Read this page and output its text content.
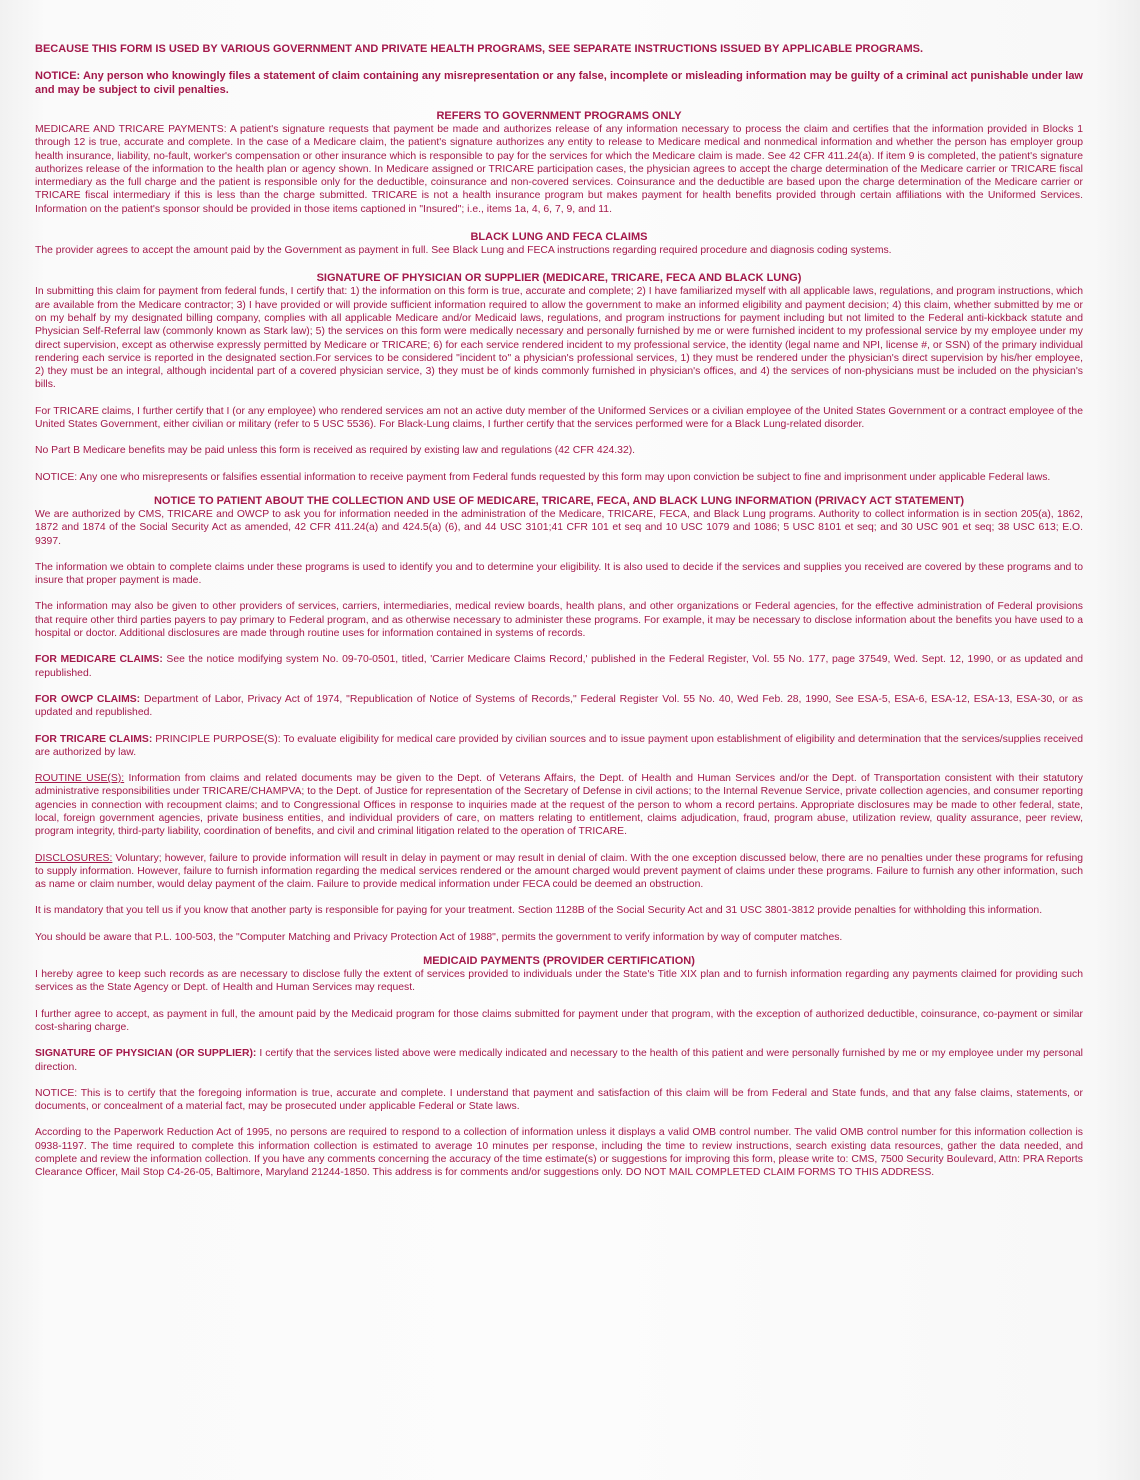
BECAUSE THIS FORM IS USED BY VARIOUS GOVERNMENT AND PRIVATE HEALTH PROGRAMS, SEE SEPARATE INSTRUCTIONS ISSUED BY APPLICABLE PROGRAMS.

NOTICE: Any person who knowingly files a statement of claim containing any misrepresentation or any false, incomplete or misleading information may be guilty of a criminal act punishable under law and may be subject to civil penalties.

REFERS TO GOVERNMENT PROGRAMS ONLY

MEDICARE AND TRICARE PAYMENTS: A patient's signature requests that payment be made and authorizes release of any information necessary to process the claim and certifies that the information provided in Blocks 1 through 12 is true, accurate and complete. In the case of a Medicare claim, the patient's signature authorizes any entity to release to Medicare medical and nonmedical information and whether the person has employer group health insurance, liability, no-fault, worker's compensation or other insurance which is responsible to pay for the services for which the Medicare claim is made. See 42 CFR 411.24(a). If item 9 is completed, the patient's signature authorizes release of the information to the health plan or agency shown. In Medicare assigned or TRICARE participation cases, the physician agrees to accept the charge determination of the Medicare carrier or TRICARE fiscal intermediary as the full charge and the patient is responsible only for the deductible, coinsurance and non-covered services. Coinsurance and the deductible are based upon the charge determination of the Medicare carrier or TRICARE fiscal intermediary if this is less than the charge submitted. TRICARE is not a health insurance program but makes payment for health benefits provided through certain affiliations with the Uniformed Services. Information on the patient's sponsor should be provided in those items captioned in "Insured"; i.e., items 1a, 4, 6, 7, 9, and 11.

BLACK LUNG AND FECA CLAIMS

The provider agrees to accept the amount paid by the Government as payment in full. See Black Lung and FECA instructions regarding required procedure and diagnosis coding systems.

SIGNATURE OF PHYSICIAN OR SUPPLIER (MEDICARE, TRICARE, FECA AND BLACK LUNG)

In submitting this claim for payment from federal funds, I certify that: 1) the information on this form is true, accurate and complete; 2) I have familiarized myself with all applicable laws, regulations, and program instructions, which are available from the Medicare contractor; 3) I have provided or will provide sufficient information required to allow the government to make an informed eligibility and payment decision; 4) this claim, whether submitted by me or on my behalf by my designated billing company, complies with all applicable Medicare and/or Medicaid laws, regulations, and program instructions for payment including but not limited to the Federal anti-kickback statute and Physician Self-Referral law (commonly known as Stark law); 5) the services on this form were medically necessary and personally furnished by me or were furnished incident to my professional service by my employee under my direct supervision, except as otherwise expressly permitted by Medicare or TRICARE; 6) for each service rendered incident to my professional service, the identity (legal name and NPI, license #, or SSN) of the primary individual rendering each service is reported in the designated section.For services to be considered "incident to" a physician's professional services, 1) they must be rendered under the physician's direct supervision by his/her employee, 2) they must be an integral, although incidental part of a covered physician service, 3) they must be of kinds commonly furnished in physician's offices, and 4) the services of non-physicians must be included on the physician's bills.

For TRICARE claims, I further certify that I (or any employee) who rendered services am not an active duty member of the Uniformed Services or a civilian employee of the United States Government or a contract employee of the United States Government, either civilian or military (refer to 5 USC 5536). For Black-Lung claims, I further certify that the services performed were for a Black Lung-related disorder.

No Part B Medicare benefits may be paid unless this form is received as required by existing law and regulations (42 CFR 424.32).

NOTICE: Any one who misrepresents or falsifies essential information to receive payment from Federal funds requested by this form may upon conviction be subject to fine and imprisonment under applicable Federal laws.

NOTICE TO PATIENT ABOUT THE COLLECTION AND USE OF MEDICARE, TRICARE, FECA, AND BLACK LUNG INFORMATION (PRIVACY ACT STATEMENT)

We are authorized by CMS, TRICARE and OWCP to ask you for information needed in the administration of the Medicare, TRICARE, FECA, and Black Lung programs. Authority to collect information is in section 205(a), 1862, 1872 and 1874 of the Social Security Act as amended, 42 CFR 411.24(a) and 424.5(a) (6), and 44 USC 3101;41 CFR 101 et seq and 10 USC 1079 and 1086; 5 USC 8101 et seq; and 30 USC 901 et seq; 38 USC 613; E.O. 9397.

The information we obtain to complete claims under these programs is used to identify you and to determine your eligibility. It is also used to decide if the services and supplies you received are covered by these programs and to insure that proper payment is made.

The information may also be given to other providers of services, carriers, intermediaries, medical review boards, health plans, and other organizations or Federal agencies, for the effective administration of Federal provisions that require other third parties payers to pay primary to Federal program, and as otherwise necessary to administer these programs. For example, it may be necessary to disclose information about the benefits you have used to a hospital or doctor. Additional disclosures are made through routine uses for information contained in systems of records.

FOR MEDICARE CLAIMS: See the notice modifying system No. 09-70-0501, titled, 'Carrier Medicare Claims Record,' published in the Federal Register, Vol. 55 No. 177, page 37549, Wed. Sept. 12, 1990, or as updated and republished.

FOR OWCP CLAIMS: Department of Labor, Privacy Act of 1974, "Republication of Notice of Systems of Records," Federal Register Vol. 55 No. 40, Wed Feb. 28, 1990, See ESA-5, ESA-6, ESA-12, ESA-13, ESA-30, or as updated and republished.

FOR TRICARE CLAIMS: PRINCIPLE PURPOSE(S): To evaluate eligibility for medical care provided by civilian sources and to issue payment upon establishment of eligibility and determination that the services/supplies received are authorized by law.

ROUTINE USE(S): Information from claims and related documents may be given to the Dept. of Veterans Affairs, the Dept. of Health and Human Services and/or the Dept. of Transportation consistent with their statutory administrative responsibilities under TRICARE/CHAMPVA; to the Dept. of Justice for representation of the Secretary of Defense in civil actions; to the Internal Revenue Service, private collection agencies, and consumer reporting agencies in connection with recoupment claims; and to Congressional Offices in response to inquiries made at the request of the person to whom a record pertains. Appropriate disclosures may be made to other federal, state, local, foreign government agencies, private business entities, and individual providers of care, on matters relating to entitlement, claims adjudication, fraud, program abuse, utilization review, quality assurance, peer review, program integrity, third-party liability, coordination of benefits, and civil and criminal litigation related to the operation of TRICARE.

DISCLOSURES: Voluntary; however, failure to provide information will result in delay in payment or may result in denial of claim. With the one exception discussed below, there are no penalties under these programs for refusing to supply information. However, failure to furnish information regarding the medical services rendered or the amount charged would prevent payment of claims under these programs. Failure to furnish any other information, such as name or claim number, would delay payment of the claim. Failure to provide medical information under FECA could be deemed an obstruction.

It is mandatory that you tell us if you know that another party is responsible for paying for your treatment. Section 1128B of the Social Security Act and 31 USC 3801-3812 provide penalties for withholding this information.

You should be aware that P.L. 100-503, the "Computer Matching and Privacy Protection Act of 1988", permits the government to verify information by way of computer matches.

MEDICAID PAYMENTS (PROVIDER CERTIFICATION)

I hereby agree to keep such records as are necessary to disclose fully the extent of services provided to individuals under the State's Title XIX plan and to furnish information regarding any payments claimed for providing such services as the State Agency or Dept. of Health and Human Services may request.

I further agree to accept, as payment in full, the amount paid by the Medicaid program for those claims submitted for payment under that program, with the exception of authorized deductible, coinsurance, co-payment or similar cost-sharing charge.

SIGNATURE OF PHYSICIAN (OR SUPPLIER): I certify that the services listed above were medically indicated and necessary to the health of this patient and were personally furnished by me or my employee under my personal direction.

NOTICE: This is to certify that the foregoing information is true, accurate and complete. I understand that payment and satisfaction of this claim will be from Federal and State funds, and that any false claims, statements, or documents, or concealment of a material fact, may be prosecuted under applicable Federal or State laws.

According to the Paperwork Reduction Act of 1995, no persons are required to respond to a collection of information unless it displays a valid OMB control number. The valid OMB control number for this information collection is 0938-1197. The time required to complete this information collection is estimated to average 10 minutes per response, including the time to review instructions, search existing data resources, gather the data needed, and complete and review the information collection. If you have any comments concerning the accuracy of the time estimate(s) or suggestions for improving this form, please write to: CMS, 7500 Security Boulevard, Attn: PRA Reports Clearance Officer, Mail Stop C4-26-05, Baltimore, Maryland 21244-1850. This address is for comments and/or suggestions only. DO NOT MAIL COMPLETED CLAIM FORMS TO THIS ADDRESS.
